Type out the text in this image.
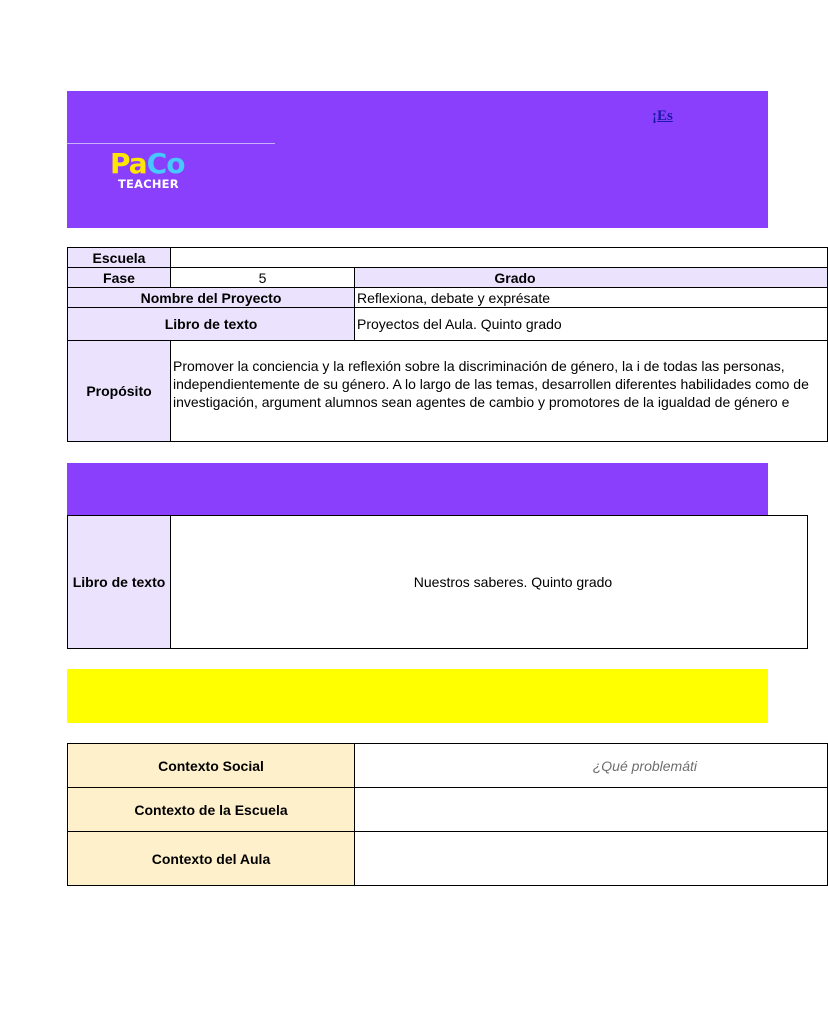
¡Es
PaCo
TEACHER
Escuela		
Fase	5	Grado
Nombre del Proyecto		Reflexiona, debate y exprésate
Libro de texto		Proyectos del Aula. Quinto grado
Propósito	Promover la conciencia y la reflexión sobre la discriminación de género, la i de todas las personas, independientemente de su género. A lo largo de las temas, desarrollen diferentes habilidades como de investigación, argument alumnos sean agentes de cambio y promotores de la igualdad de género e	
Libro de texto	Nuestros saberes. Quinto grado
Contexto Social	¿Qué problemáti
Contexto de la Escuela	
Contexto del Aula	
